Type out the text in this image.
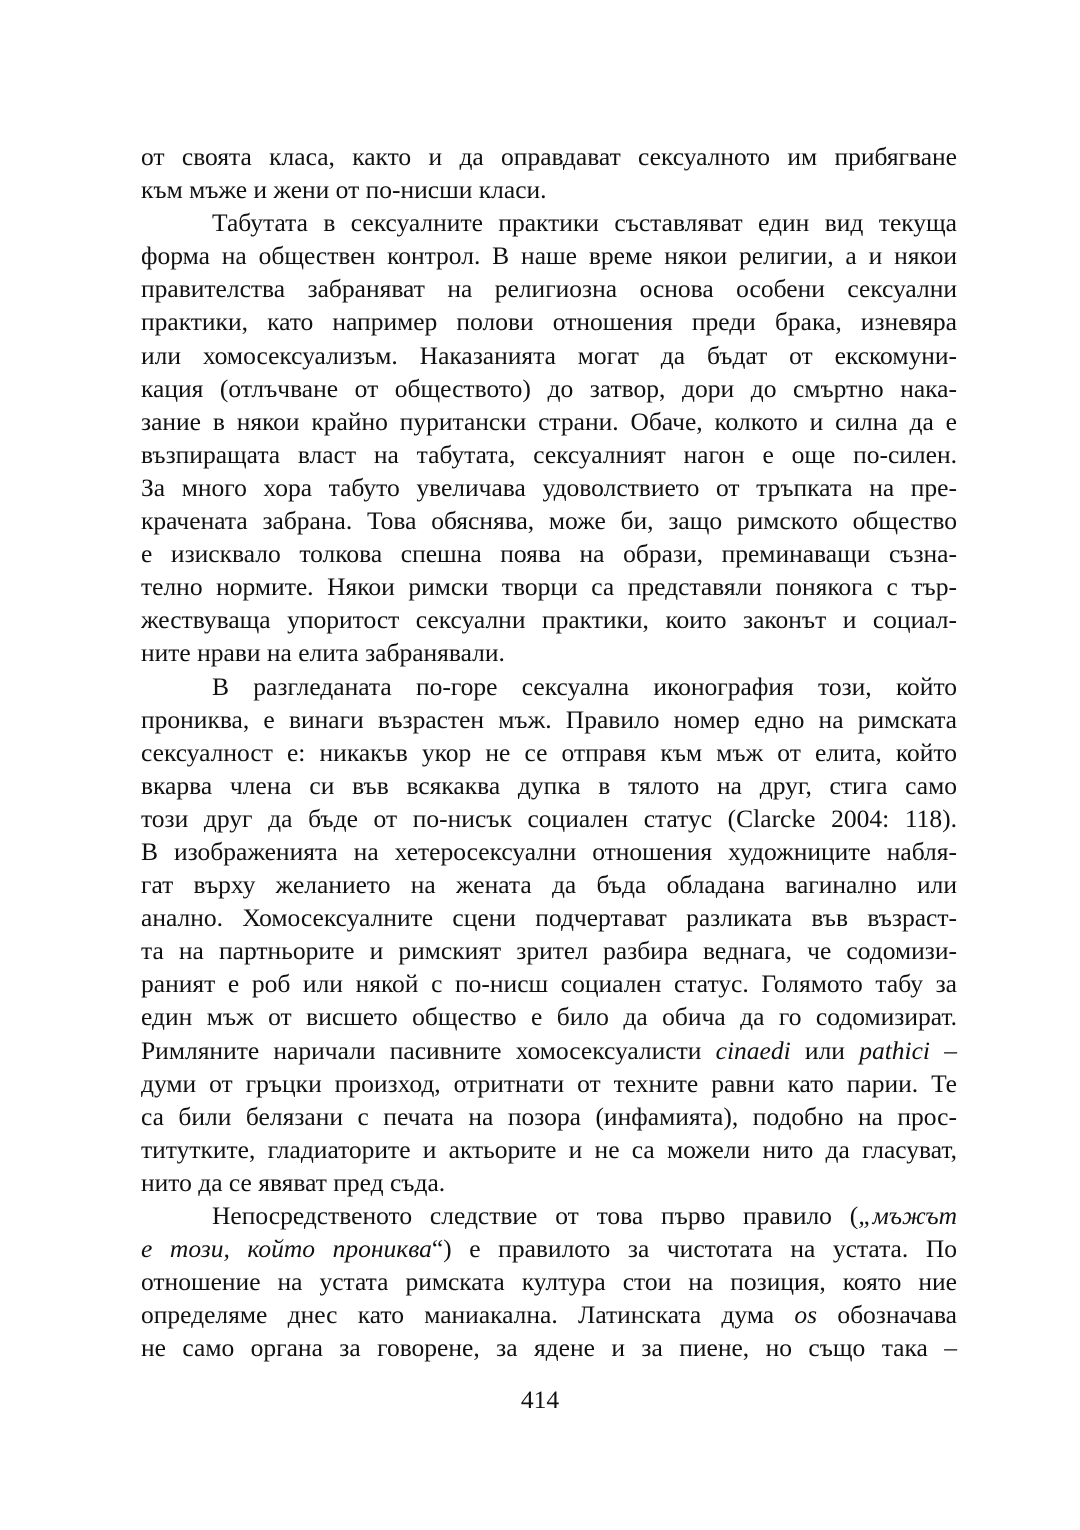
от своята класа, както и да оправдават сексуалното им прибягване
към мъже и жени от по-нисши класи.
Табутата в сексуалните практики съставляват един вид текуща
форма на обществен контрол. В наше време някои религии, а и някои
правителства забраняват на религиозна основа особени сексуални
практики, като например полови отношения преди брака, изневяра
или хомосексуализъм. Наказанията могат да бъдат от екскомуни-
кация (отлъчване от обществото) до затвор, дори до смъртно нака-
зание в някои крайно пуритански страни. Обаче, колкото и силна да е
възпиращата власт на табутата, сексуалният нагон е още по-силен.
За много хора табуто увеличава удоволствието от тръпката на пре-
крачената забрана. Това обяснява, може би, защо римското общество
е изисквало толкова спешна поява на образи, преминаващи съзна-
телно нормите. Някои римски творци са представяли понякога с тър-
жествуваща упоритост сексуални практики, които законът и социал-
ните нрави на елита забранявали.
В разгледаната по-горе сексуална иконография този, който
прониква, е винаги възрастен мъж. Правило номер едно на римската
сексуалност е: никакъв укор не се отправя към мъж от елита, който
вкарва члена си във всякаква дупка в тялото на друг, стига само
този друг да бъде от по-нисък социален статус (Clarcke 2004: 118).
В изображенията на хетеросексуални отношения художниците набля-
гат върху желанието на жената да бъда обладана вагинално или
анално. Хомосексуалните сцени подчертават разликата във възраст-
та на партньорите и римският зрител разбира веднага, че содомизи-
раният е роб или някой с по-нисш социален статус. Голямото табу за
един мъж от висшето общество е било да обича да го содомизират.
Римляните наричали пасивните хомосексуалисти cinaedi или pathici –
думи от гръцки произход, отритнати от техните равни като парии. Те
са били белязани с печата на позора (инфамията), подобно на прос-
титутките, гладиаторите и актьорите и не са можели нито да гласуват,
нито да се явяват пред съда.
Непосредственото следствие от това първо правило („мъжът
е този, който прониква“) е правилото за чистотата на устата. По
отношение на устата римската култура стои на позиция, която ние
определяме днес като маниакална. Латинската дума os обозначава
не само органа за говорене, за ядене и за пиене, но също така –
414
